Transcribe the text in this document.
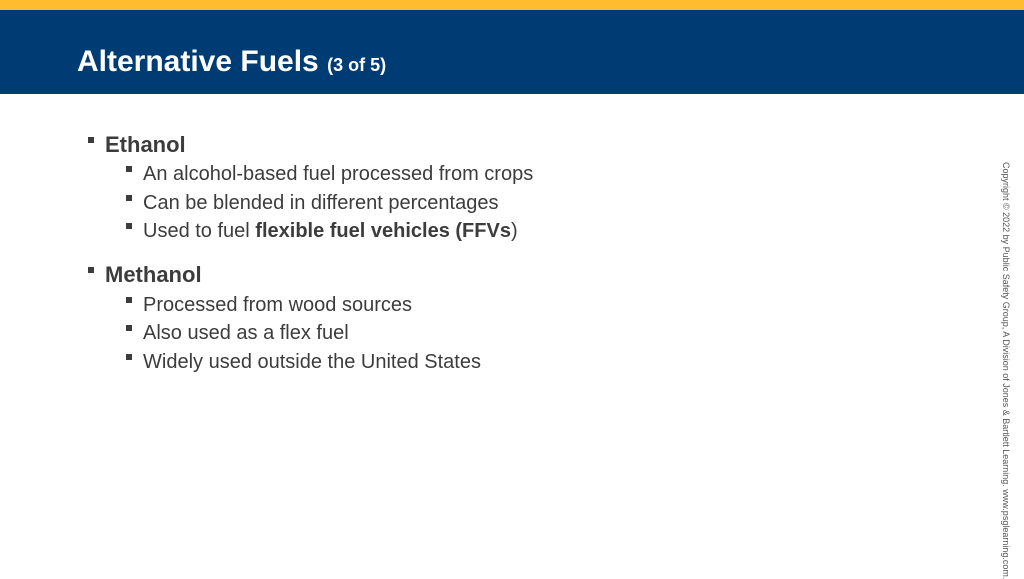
Alternative Fuels (3 of 5)
Ethanol
An alcohol-based fuel processed from crops
Can be blended in different percentages
Used to fuel flexible fuel vehicles (FFVs)
Methanol
Processed from wood sources
Also used as a flex fuel
Widely used outside the United States	Copyright © 2022 by Public Safety Group, A Division of Jones & Bartlett Learning. www.psglearning.com.
